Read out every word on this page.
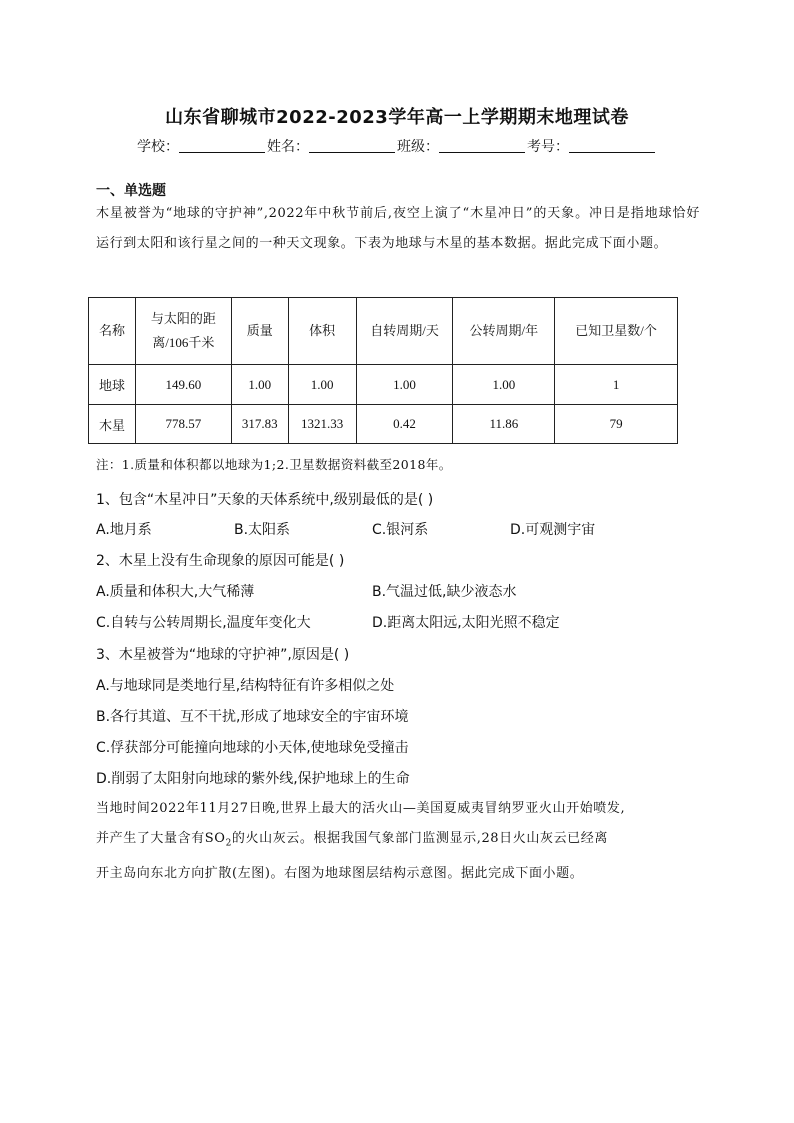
山东省聊城市2022-2023学年高一上学期期末地理试卷
学校：	姓名：	班级：	考号：
一、单选题

木星被誉为“地球的守护神”,2022年中秋节前后,夜空上演了“木星冲日”的天象。冲日是指地球恰好运行到太阳和该行星之间的一种天文现象。下表为地球与木星的基本数据。据此完成下面小题。

名称	与太阳的距离/106千米	质量	体积	自转周期/天	公转周期/年	已知卫星数/个
地球	149.60	1.00	1.00	1.00	1.00	1
木星	778.57	317.83	1321.33	0.42	11.86	79
注：1.质量和体积都以地球为1;2.卫星数据资料截至2018年。
1、包含“木星冲日”天象的天体系统中,级别最低的是( )
A.地月系	B.太阳系	C.银河系	D.可观测宇宙
2、木星上没有生命现象的原因可能是( )
A.质量和体积大,大气稀薄	B.气温过低,缺少液态水
C.自转与公转周期长,温度年变化大	D.距离太阳远,太阳光照不稳定
3、木星被誉为“地球的守护神”,原因是( )
A.与地球同是类地行星,结构特征有许多相似之处
B.各行其道、互不干扰,形成了地球安全的宇宙环境
C.俘获部分可能撞向地球的小天体,使地球免受撞击
D.削弱了太阳射向地球的紫外线,保护地球上的生命

当地时间2022年11月27日晚,世界上最大的活火山—美国夏威夷冒纳罗亚火山开始喷发,

并产生了大量含有$SO_2$的火山灰云。根据我国气象部门监测显示,28日火山灰云已经离

开主岛向东北方向扩散(左图)。右图为地球图层结构示意图。据此完成下面小题。
